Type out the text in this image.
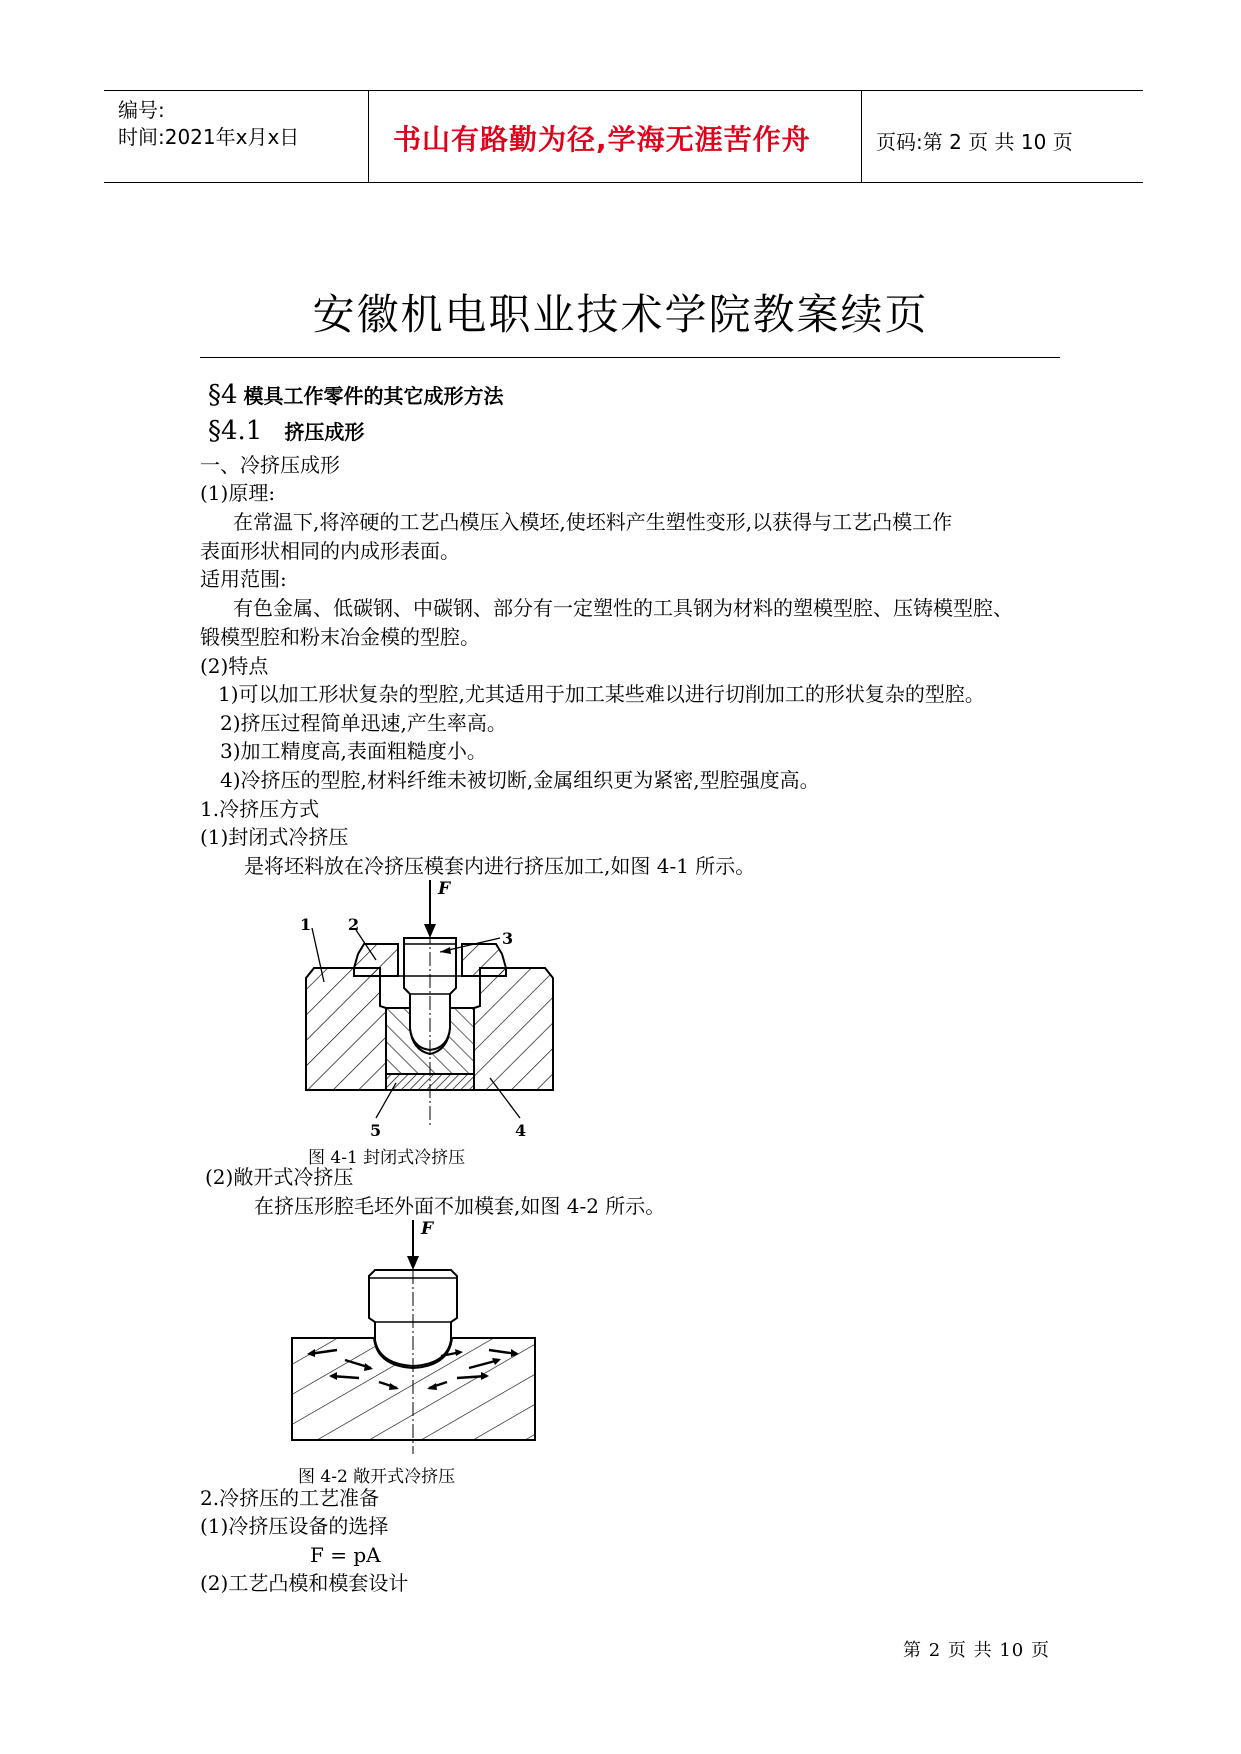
编号:
时间:2021年x月x日	书山有路勤为径,学海无涯苦作舟	页码:第 2 页 共 10 页
安徽机电职业技术学院教案续页
§4 模具工作零件的其它成形方法
§4.1 挤压成形
一、冷挤压成形
(1)原理:
在常温下,将淬硬的工艺凸模压入模坯,使坯料产生塑性变形,以获得与工艺凸模工作
表面形状相同的内成形表面。
适用范围:
有色金属、低碳钢、中碳钢、部分有一定塑性的工具钢为材料的塑模型腔、压铸模型腔、
锻模型腔和粉末冶金模的型腔。
(2)特点
1)可以加工形状复杂的型腔,尤其适用于加工某些难以进行切削加工的形状复杂的型腔。
2)挤压过程简单迅速,产生率高。
3)加工精度高,表面粗糙度小。
4)冷挤压的型腔,材料纤维未被切断,金属组织更为紧密,型腔强度高。
1.冷挤压方式
(1)封闭式冷挤压
是将坯料放在冷挤压模套内进行挤压加工,如图 4-1 所示。
F
1 2
3
4
5
图 4-1 封闭式冷挤压
(2)敞开式冷挤压
在挤压形腔毛坯外面不加模套,如图 4-2 所示。
F
图 4-2 敞开式冷挤压
2.冷挤压的工艺准备
(1)冷挤压设备的选择
F = pA
(2)工艺凸模和模套设计
第 2 页 共 10 页
